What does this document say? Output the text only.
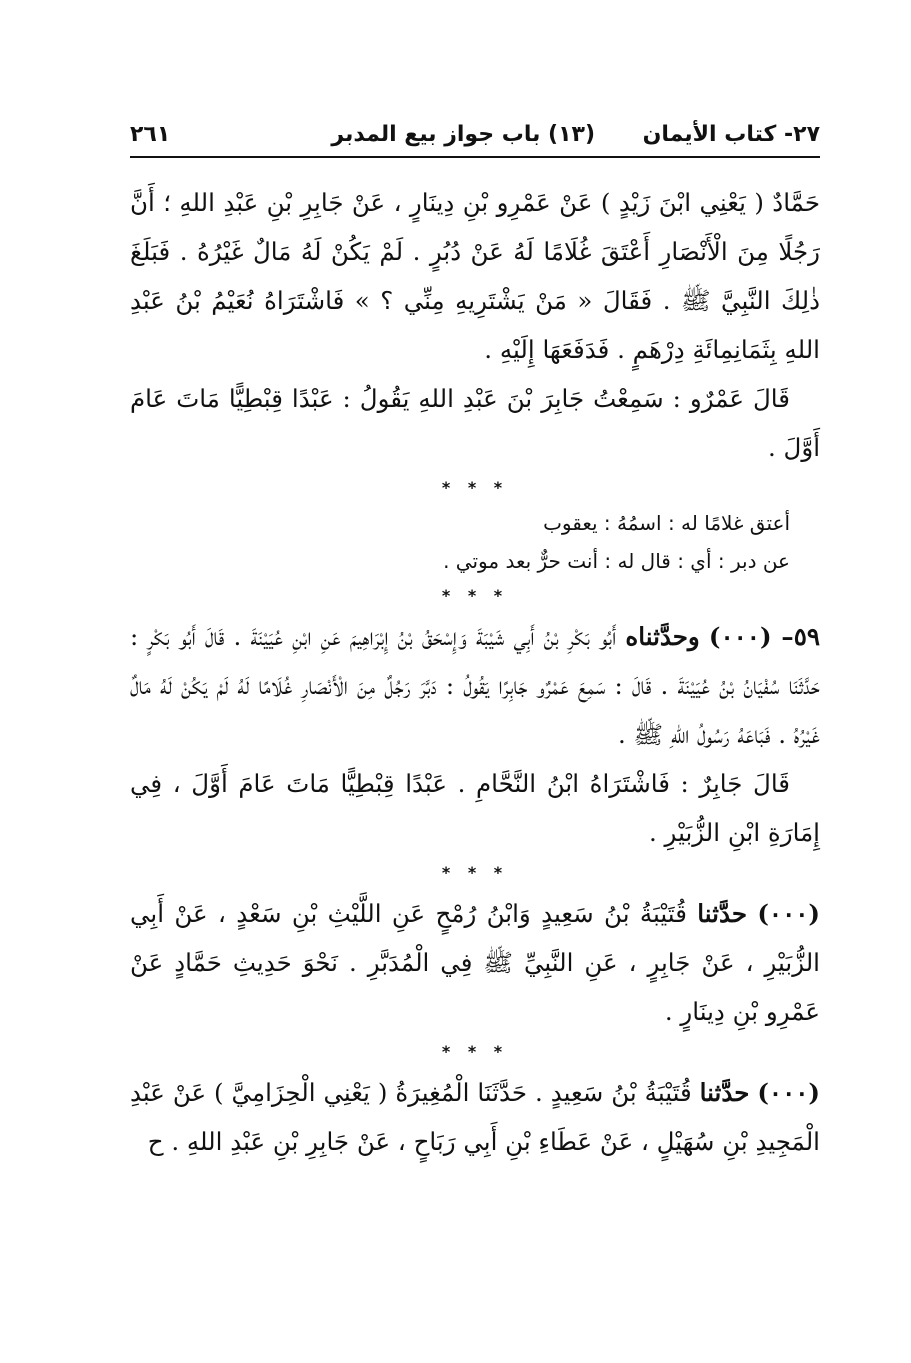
٢٧- كتاب الأيمان
(١٣) باب جواز بيع المدبر
٢٦١

حَمَّادٌ ( يَعْنِي ابْنَ زَيْدٍ ) عَنْ عَمْرِو بْنِ دِينَارٍ ، عَنْ جَابِرِ بْنِ عَبْدِ اللهِ ؛ أَنَّ رَجُلًا مِنَ الْأَنْصَارِ أَعْتَقَ غُلَامًا لَهُ عَنْ دُبُرٍ . لَمْ يَكُنْ لَهُ مَالٌ غَيْرُهُ . فَبَلَغَ ذٰلِكَ النَّبِيَّ ﷺ . فَقَالَ « مَنْ يَشْتَرِيهِ مِنِّي ؟ » فَاشْتَرَاهُ نُعَيْمُ بْنُ عَبْدِ اللهِ بِثَمَانِمِائَةِ دِرْهَمٍ . فَدَفَعَهَا إِلَيْهِ .

قَالَ عَمْرٌو : سَمِعْتُ جَابِرَ بْنَ عَبْدِ اللهِ يَقُولُ : عَبْدًا قِبْطِيًّا مَاتَ عَامَ أَوَّلَ .

* * *
أعتق غلامًا له : اسمُهُ : يعقوب
عن دبر : أي : قال له : أنت حرٌّ بعد موتي .
* * *

٥٩– (٠٠٠) وحدَّثناه أَبُو بَكْرِ بْنُ أَبِي شَيْبَةَ وَإِسْحَقُ بْنُ إِبْرَاهِيمَ عَنِ ابْنِ عُيَيْنَةَ . قَالَ أَبُو بَكْرٍ : حَدَّثَنَا سُفْيَانُ بْنُ عُيَيْنَةَ . قَالَ : سَمِعَ عَمْرٌو جَابِرًا يَقُولُ : دَبَّرَ رَجُلٌ مِنَ الْأَنْصَارِ غُلَامًا لَهُ لَمْ يَكُنْ لَهُ مَالٌ غَيْرُهُ . فَبَاعَهُ رَسُولُ اللهِ ﷺ .

قَالَ جَابِرٌ : فَاشْتَرَاهُ ابْنُ النَّحَّامِ . عَبْدًا قِبْطِيًّا مَاتَ عَامَ أَوَّلَ ، فِي إِمَارَةِ ابْنِ الزُّبَيْرِ .

* * *

(٠٠٠) حدَّثنا قُتَيْبَةُ بْنُ سَعِيدٍ وَابْنُ رُمْحٍ عَنِ اللَّيْثِ بْنِ سَعْدٍ ، عَنْ أَبِي الزُّبَيْرِ ، عَنْ جَابِرٍ ، عَنِ النَّبِيِّ ﷺ فِي الْمُدَبَّرِ . نَحْوَ حَدِيثِ حَمَّادٍ عَنْ عَمْرِو بْنِ دِينَارٍ .

* * *

(٠٠٠) حدَّثنا قُتَيْبَةُ بْنُ سَعِيدٍ . حَدَّثَنَا الْمُغِيرَةُ ( يَعْنِي الْحِزَامِيَّ ) عَنْ عَبْدِ الْمَجِيدِ بْنِ سُهَيْلٍ ، عَنْ عَطَاءِ بْنِ أَبِي رَبَاحٍ ، عَنْ جَابِرِ بْنِ عَبْدِ اللهِ . ح
